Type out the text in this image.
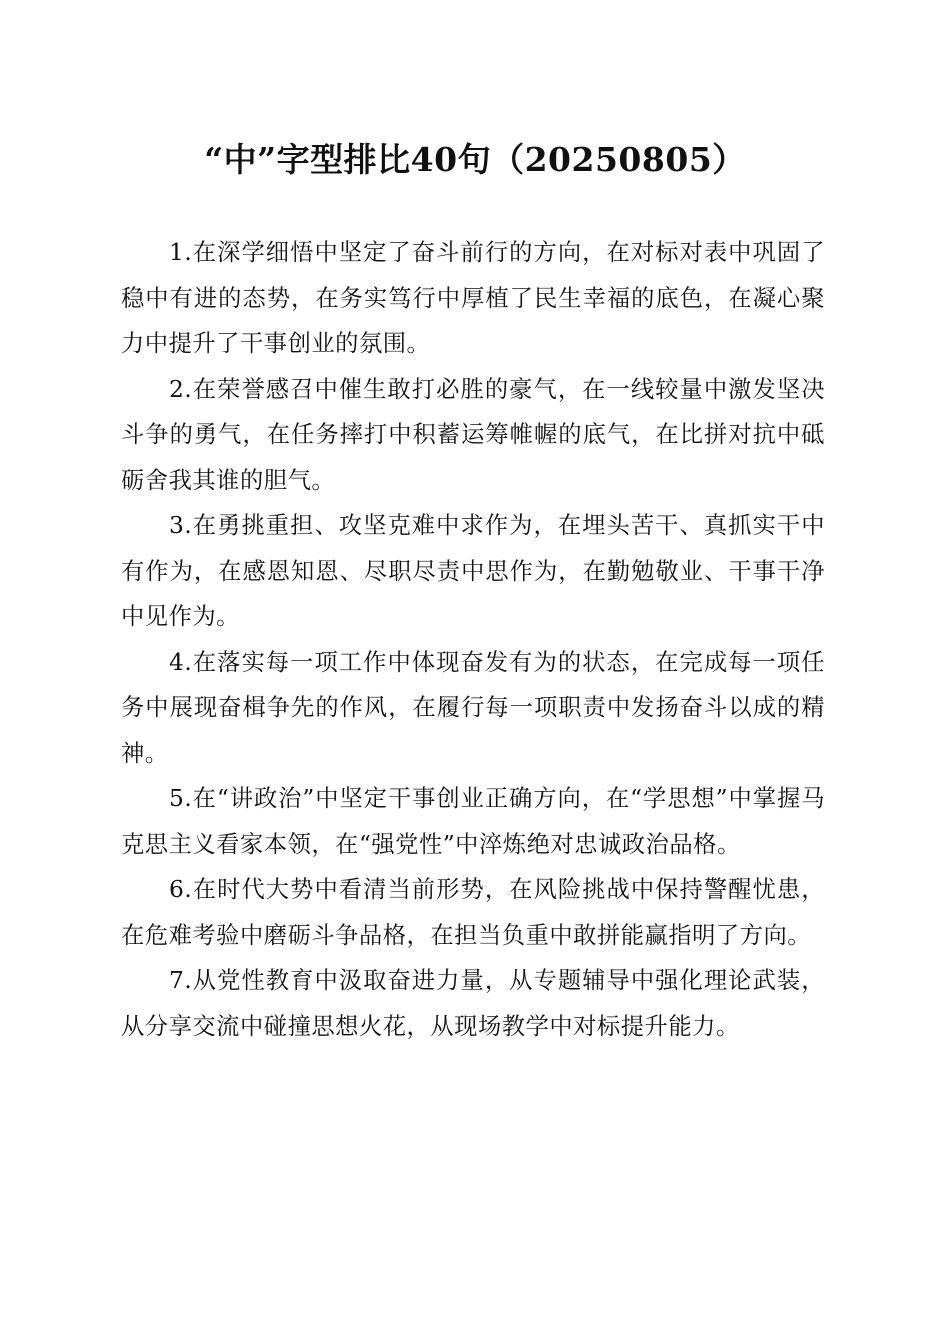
“中”字型排比40句（20250805）

1.在深学细悟中坚定了奋斗前行的方向，在对标对表中巩固了稳中有进的态势，在务实笃行中厚植了民生幸福的底色，在凝心聚力中提升了干事创业的氛围。

2.在荣誉感召中催生敢打必胜的豪气，在一线较量中激发坚决斗争的勇气，在任务摔打中积蓄运筹帷幄的底气，在比拼对抗中砥砺舍我其谁的胆气。

3.在勇挑重担、攻坚克难中求作为，在埋头苦干、真抓实干中有作为，在感恩知恩、尽职尽责中思作为，在勤勉敬业、干事干净中见作为。

4.在落实每一项工作中体现奋发有为的状态，在完成每一项任务中展现奋楫争先的作风，在履行每一项职责中发扬奋斗以成的精神。

5.在“讲政治”中坚定干事创业正确方向，在“学思想”中掌握马克思主义看家本领，在“强党性”中淬炼绝对忠诚政治品格。

6.在时代大势中看清当前形势，在风险挑战中保持警醒忧患，在危难考验中磨砺斗争品格，在担当负重中敢拼能赢指明了方向。

7.从党性教育中汲取奋进力量，从专题辅导中强化理论武装，从分享交流中碰撞思想火花，从现场教学中对标提升能力。
